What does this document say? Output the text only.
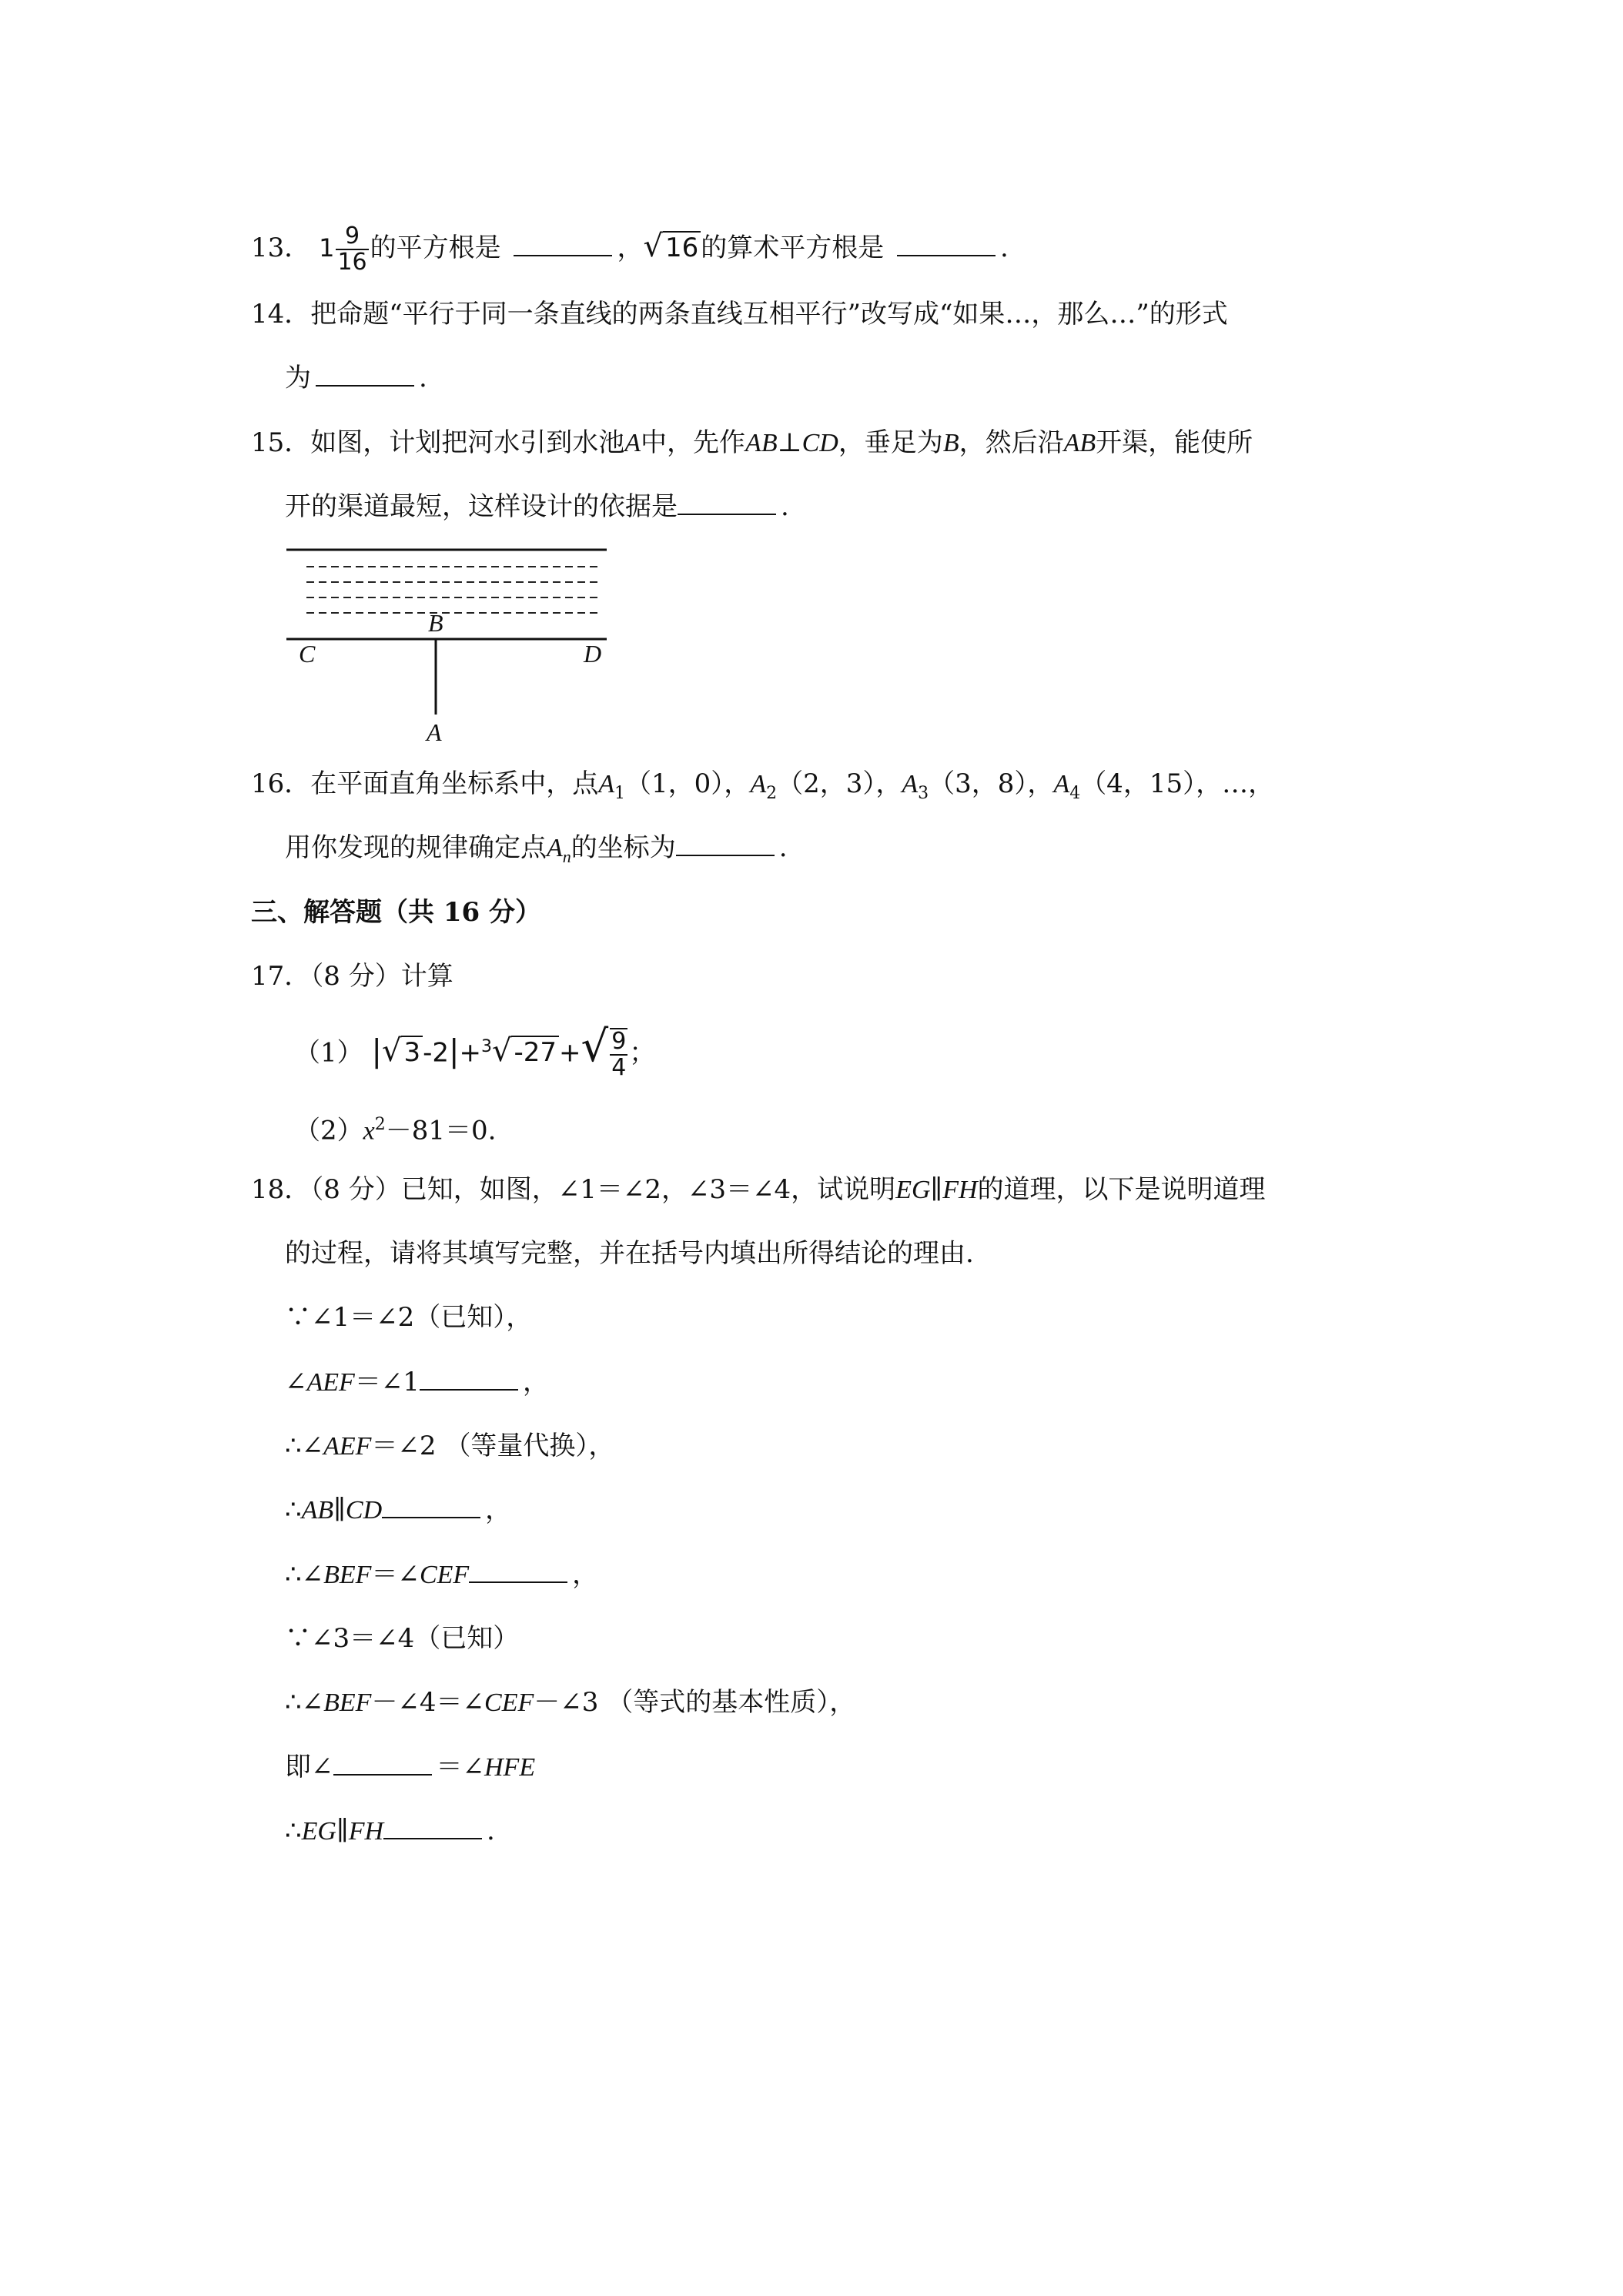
13． $1 \frac{9}{16}$ 的平方根是	，√16的算术平方根是	.
14．把命题“平行于同一条直线的两条直线互相平行”改写成“如果…，那么…”的形式
为	.
15．如图，计划把河水引到水池A中，先作AB⊥CD，垂足为B，然后沿AB开渠，能使所
开的渠道最短，这样设计的依据是	.
B
C	D
A
16．在平面直角坐标系中，点$A_1(1$，0），$A_2(2$，3），$A_3(3$，8），$A_4(4$，15），…，
用你发现的规律确定点$A_n$的坐标为	.
三、解答题（共 16 分）
17．（8 分）计算
（1） $|√3-2|+^3√-27+√ \frac{9}{4}$ ；
$(2)x^2-81=0$.
18．（8 分）已知，如图，∠1＝∠2，∠3＝∠4，试说明EG∥FH的道理，以下是说明道理
的过程，请将其填写完整，并在括号内填出所得结论的理由.
∵∠1＝∠2（已知），
∠AEF＝∠1	，
∴∠AEF＝∠2 （等量代换），
∴AB∥CD	，
∴∠BEF＝∠CEF	，
∵∠3＝∠4（已知）
∴∠BEF－∠4＝∠CEF－∠3 （等式的基本性质），
即∠	＝∠HFE
∴EG∥FH	.
